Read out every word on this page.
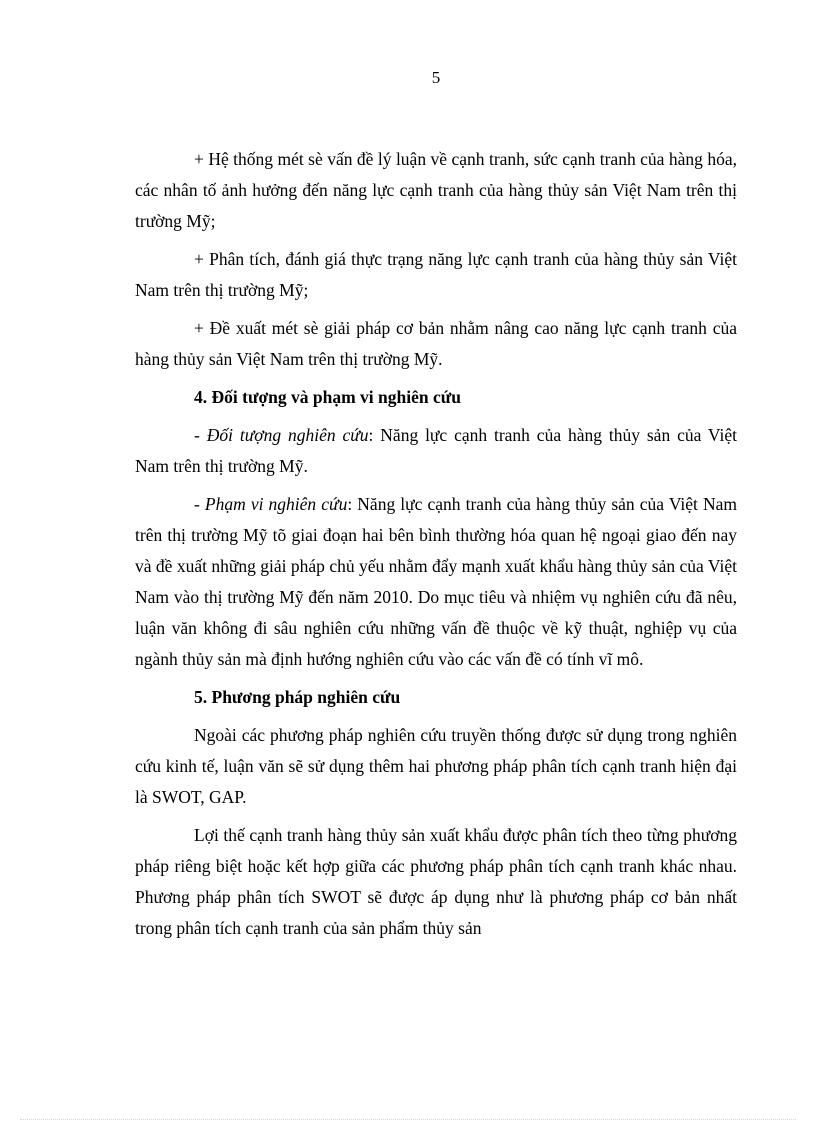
5

+ Hệ thống mét sè vấn đề lý luận về cạnh tranh, sức cạnh tranh của hàng hóa, các nhân tố ảnh hưởng đến năng lực cạnh tranh của hàng thủy sản Việt Nam trên thị trường Mỹ;

+ Phân tích, đánh giá thực trạng năng lực cạnh tranh của hàng thủy sản Việt Nam trên thị trường Mỹ;

+ Đề xuất mét sè giải pháp cơ bản nhằm nâng cao năng lực cạnh tranh của hàng thủy sản Việt Nam trên thị trường Mỹ.

4. Đối tượng và phạm vi nghiên cứu

- Đối tượng nghiên cứu: Năng lực cạnh tranh của hàng thủy sản của Việt Nam trên thị trường Mỹ.

- Phạm vi nghiên cứu: Năng lực cạnh tranh của hàng thủy sản của Việt Nam trên thị trường Mỹ tõ giai đoạn hai bên bình thường hóa quan hệ ngoại giao đến nay và đề xuất những giải pháp chủ yếu nhằm đẩy mạnh xuất khẩu hàng thủy sản của Việt Nam vào thị trường Mỹ đến năm 2010. Do mục tiêu và nhiệm vụ nghiên cứu đã nêu, luận văn không đi sâu nghiên cứu những vấn đề thuộc về kỹ thuật, nghiệp vụ của ngành thủy sản mà định hướng nghiên cứu vào các vấn đề có tính vĩ mô.

5. Phương pháp nghiên cứu

Ngoài các phương pháp nghiên cứu truyền thống được sử dụng trong nghiên cứu kinh tế, luận văn sẽ sử dụng thêm hai phương pháp phân tích cạnh tranh hiện đại là SWOT, GAP.

Lợi thế cạnh tranh hàng thủy sản xuất khẩu được phân tích theo từng phương pháp riêng biệt hoặc kết hợp giữa các phương pháp phân tích cạnh tranh khác nhau. Phương pháp phân tích SWOT sẽ được áp dụng như là phương pháp cơ bản nhất trong phân tích cạnh tranh của sản phẩm thủy sản
